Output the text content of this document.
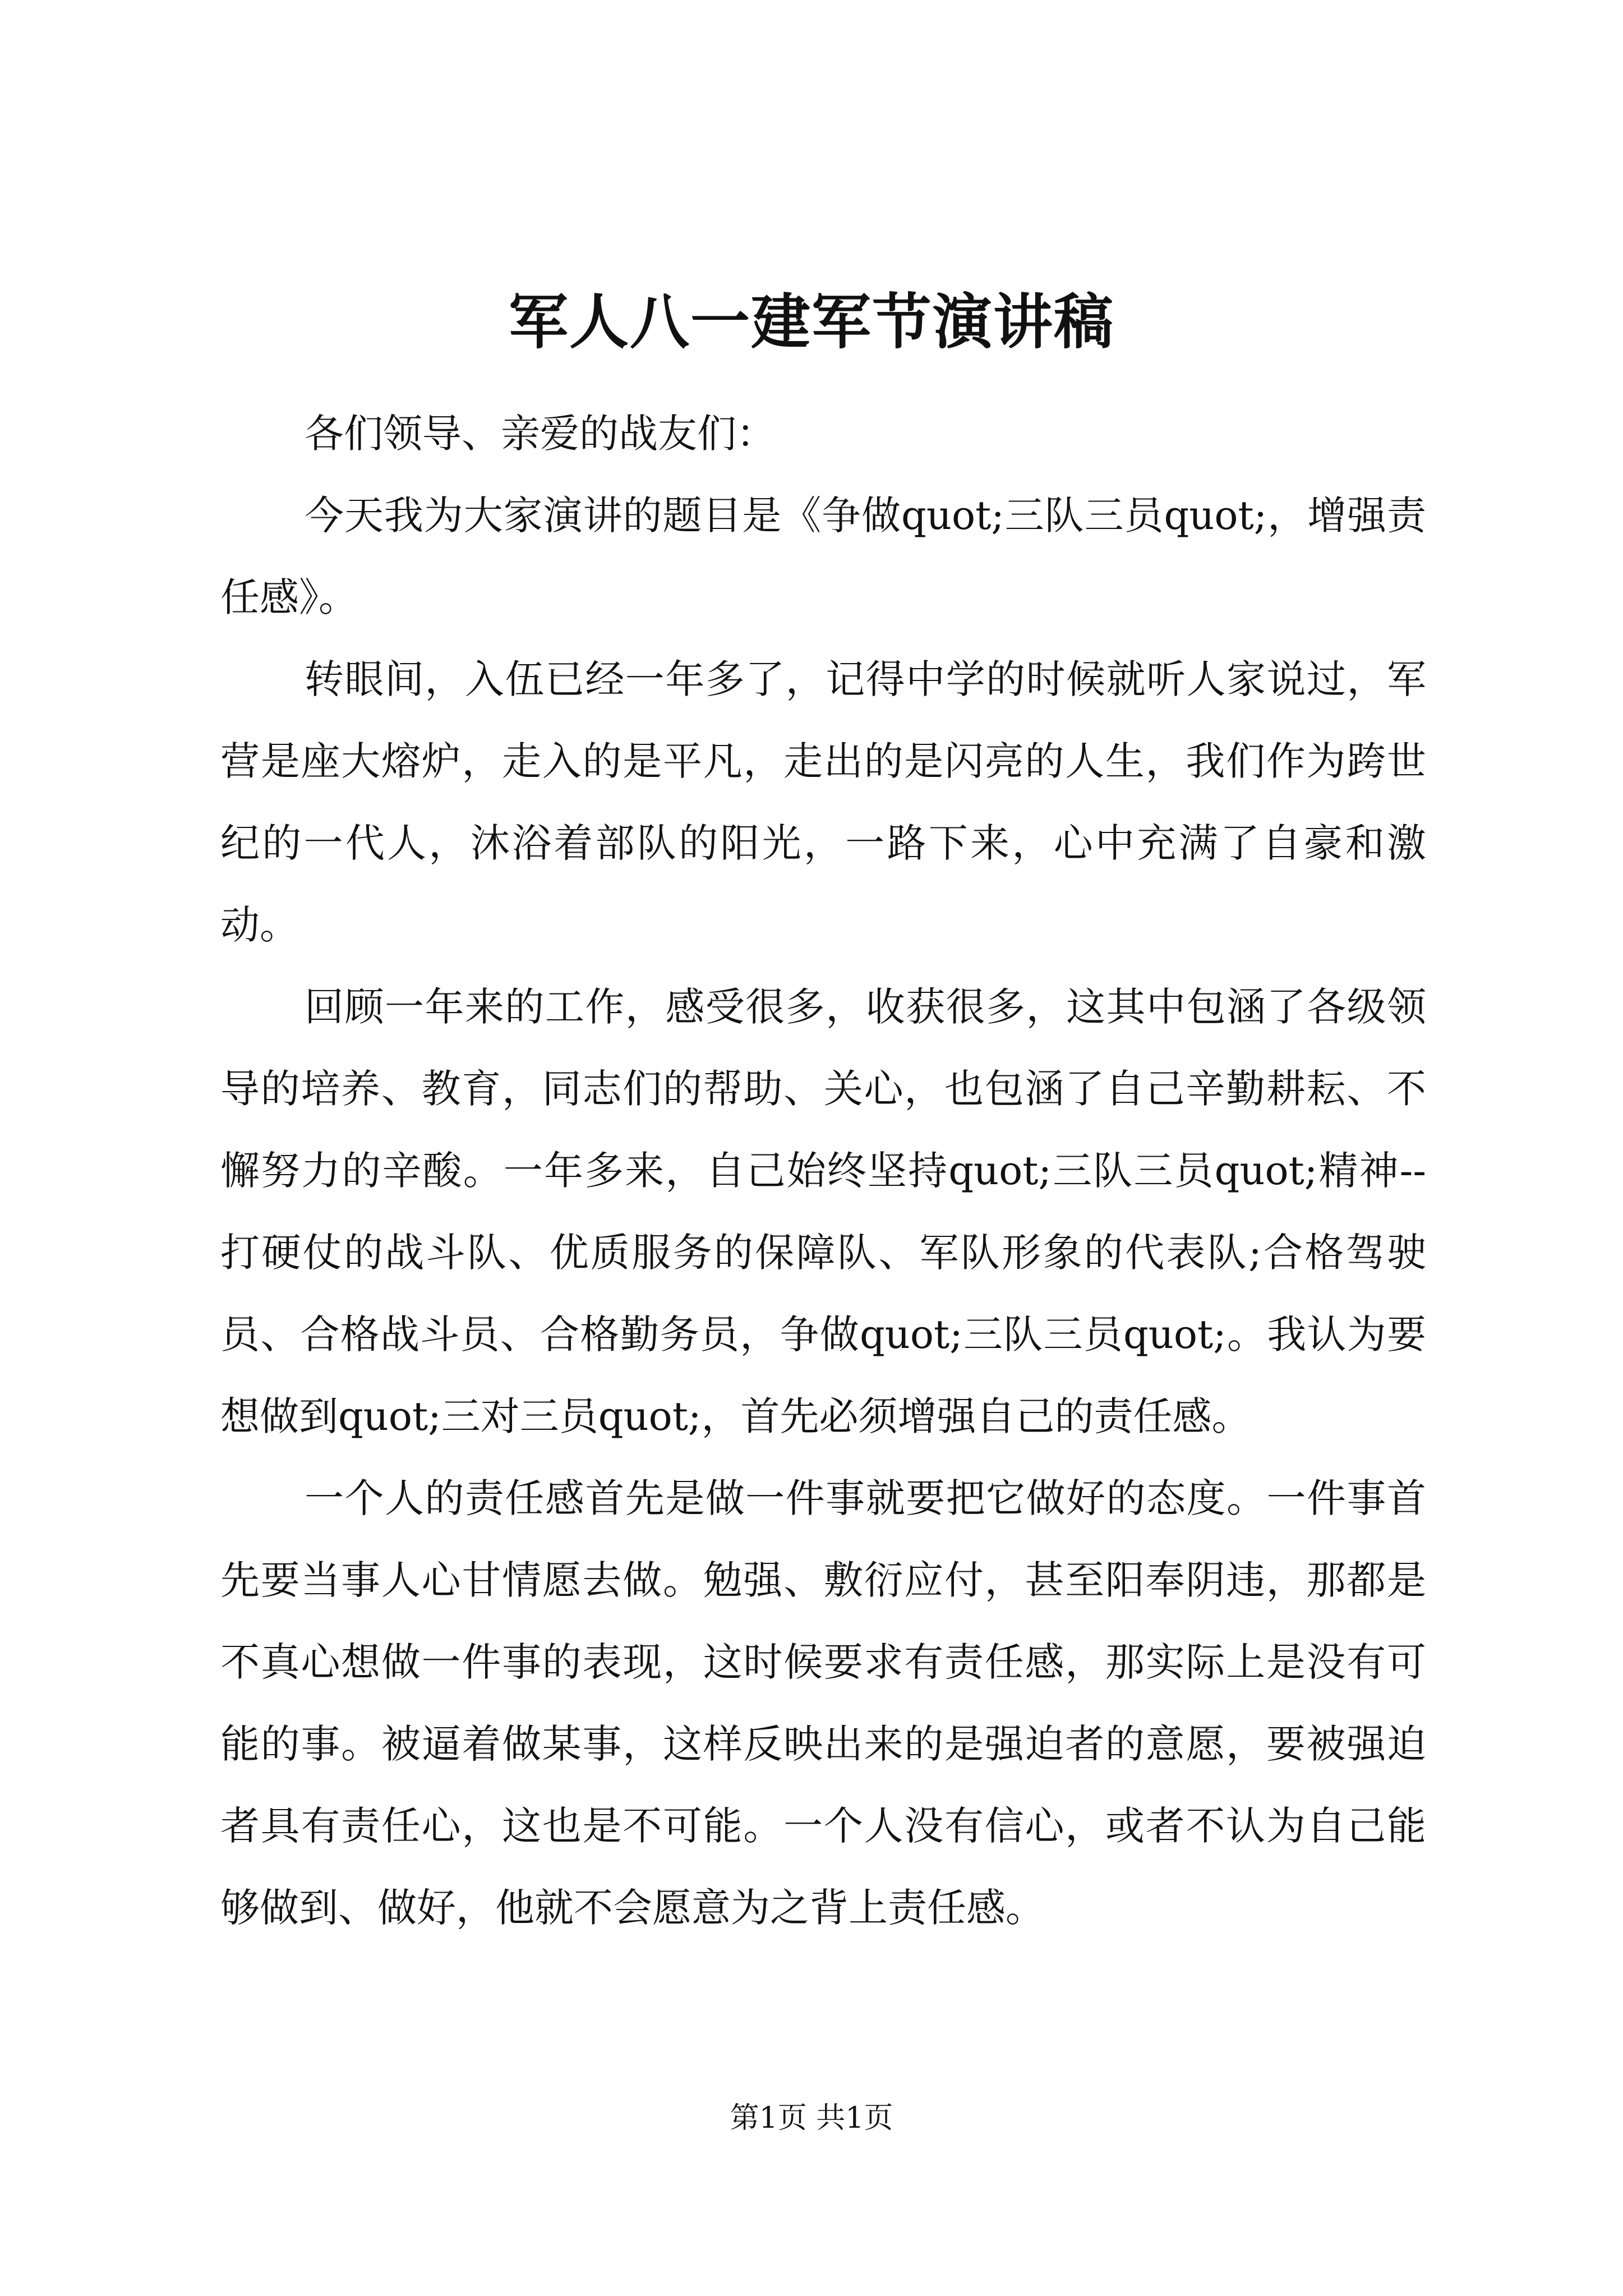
军人八一建军节演讲稿

各们领导、亲爱的战友们：

今天我为大家演讲的题目是《争做quot;三队三员quot;，增强责任感》。

转眼间，入伍已经一年多了，记得中学的时候就听人家说过，军营是座大熔炉，走入的是平凡，走出的是闪亮的人生，我们作为跨世纪的一代人，沐浴着部队的阳光，一路下来，心中充满了自豪和激动。

回顾一年来的工作，感受很多，收获很多，这其中包涵了各级领导的培养、教育，同志们的帮助、关心，也包涵了自己辛勤耕耘、不懈努力的辛酸。一年多来，自己始终坚持quot;三队三员quot;精神--打硬仗的战斗队、优质服务的保障队、军队形象的代表队;合格驾驶员、合格战斗员、合格勤务员，争做quot;三队三员quot;。我认为要想做到quot;三对三员quot;，首先必须增强自己的责任感。

一个人的责任感首先是做一件事就要把它做好的态度。一件事首先要当事人心甘情愿去做。勉强、敷衍应付，甚至阳奉阴违，那都是不真心想做一件事的表现，这时候要求有责任感，那实际上是没有可能的事。被逼着做某事，这样反映出来的是强迫者的意愿，要被强迫者具有责任心，这也是不可能。一个人没有信心，或者不认为自己能够做到、做好，他就不会愿意为之背上责任感。

第1页 共1页
